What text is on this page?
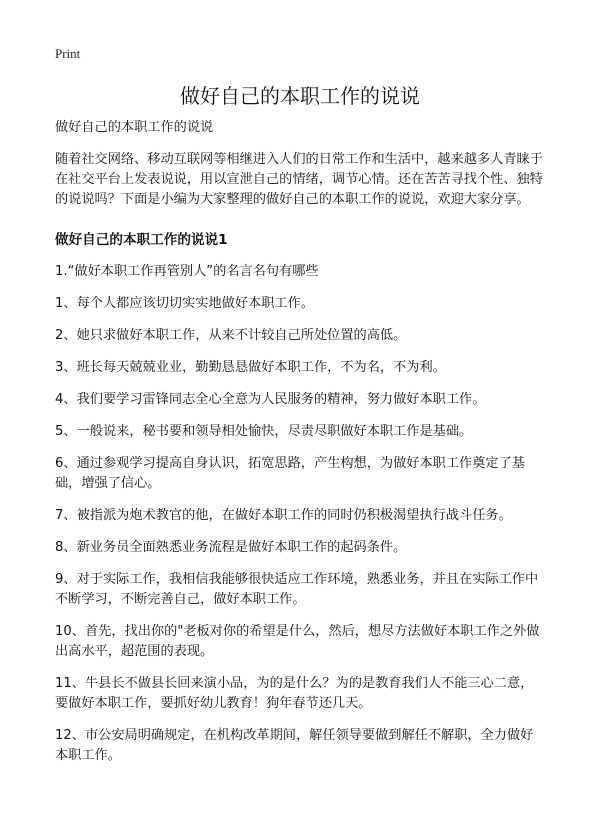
Print
做好自己的本职工作的说说

做好自己的本职工作的说说

随着社交网络、移动互联网等相继进入人们的日常工作和生活中，越来越多人青睐于在社交平台上发表说说，用以宣泄自己的情绪，调节心情。还在苦苦寻找个性、独特的说说吗？下面是小编为大家整理的做好自己的本职工作的说说，欢迎大家分享。

做好自己的本职工作的说说1

1.“做好本职工作再管别人”的名言名句有哪些

1、每个人都应该切切实实地做好本职工作。

2、她只求做好本职工作，从来不计较自己所处位置的高低。

3、班长每天兢兢业业，勤勤恳恳做好本职工作，不为名，不为利。

4、我们要学习雷锋同志全心全意为人民服务的精神，努力做好本职工作。

5、一般说来，秘书要和领导相处愉快，尽责尽职做好本职工作是基础。

6、通过参观学习提高自身认识，拓宽思路，产生构想，为做好本职工作奠定了基础，增强了信心。

7、被指派为炮术教官的他，在做好本职工作的同时仍积极渴望执行战斗任务。

8、新业务员全面熟悉业务流程是做好本职工作的起码条件。

9、对于实际工作，我相信我能够很快适应工作环境，熟悉业务，并且在实际工作中不断学习，不断完善自己，做好本职工作。

10、首先，找出你的"老板对你的希望是什么，然后，想尽方法做好本职工作之外做出高水平，超范围的表现。

11、牛县长不做县长回来演小品，为的是什么？为的是教育我们人不能三心二意，要做好本职工作，要抓好幼儿教育！狗年春节还几天。

12、市公安局明确规定，在机构改革期间，解任领导要做到解任不解职，全力做好本职工作。
